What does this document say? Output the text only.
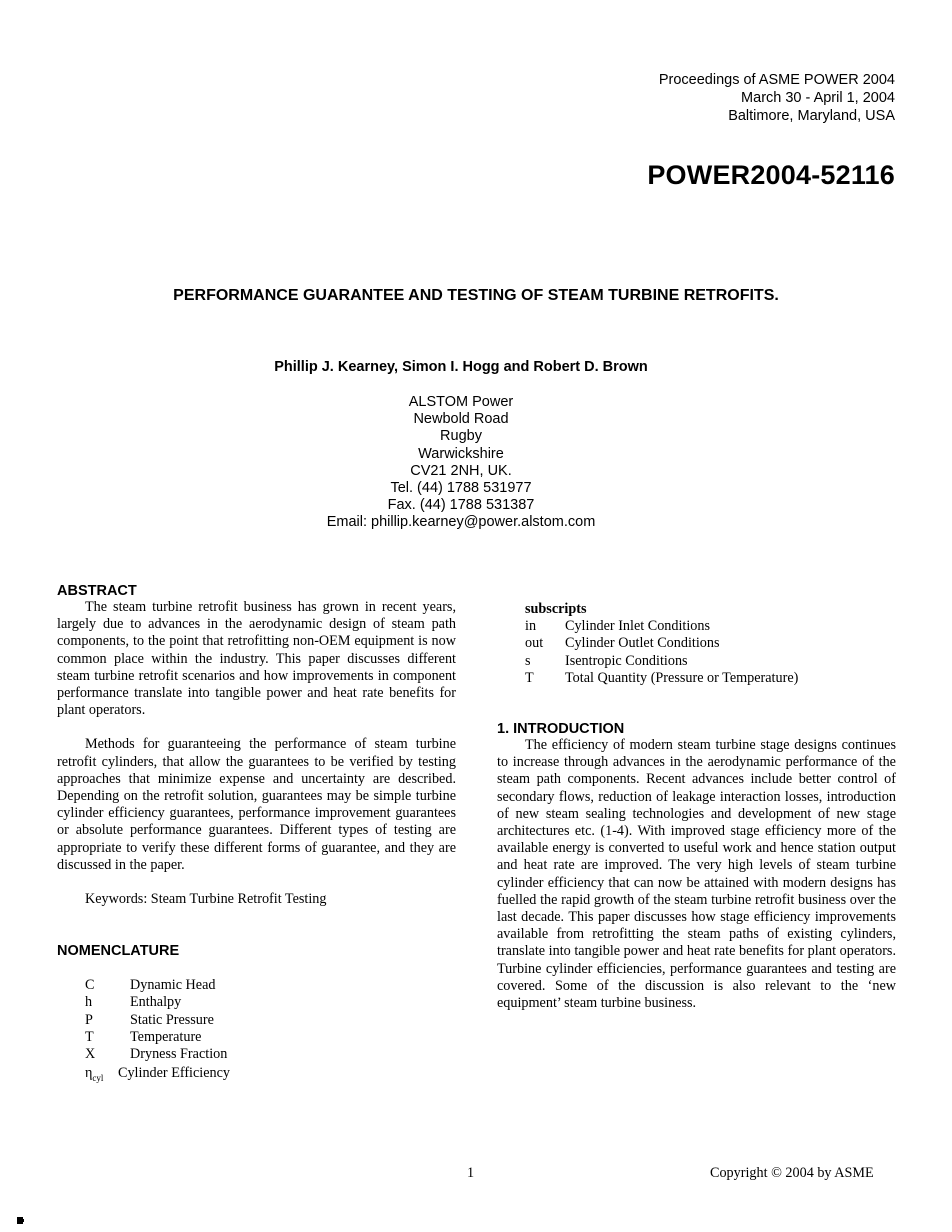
Proceedings of ASME POWER 2004
March 30 - April 1, 2004
Baltimore, Maryland, USA
POWER2004-52116
PERFORMANCE GUARANTEE AND TESTING OF STEAM TURBINE RETROFITS.
Phillip J. Kearney, Simon I. Hogg and Robert D. Brown
ALSTOM Power
Newbold Road
Rugby
Warwickshire
CV21 2NH, UK.
Tel. (44) 1788 531977
Fax. (44) 1788 531387
Email: phillip.kearney@power.alstom.com
ABSTRACT

The steam turbine retrofit business has grown in recent years, largely due to advances in the aerodynamic design of steam path components, to the point that retrofitting non-OEM equipment is now common place within the industry. This paper discusses different steam turbine retrofit scenarios and how improvements in component performance translate into tangible power and heat rate benefits for plant operators.

Methods for guaranteeing the performance of steam turbine retrofit cylinders, that allow the guarantees to be verified by testing approaches that minimize expense and uncertainty are described. Depending on the retrofit solution, guarantees may be simple turbine cylinder efficiency guarantees, performance improvement guarantees or absolute performance guarantees. Different types of testing are appropriate to verify these different forms of guarantee, and they are discussed in the paper.

Keywords: Steam Turbine Retrofit Testing

NOMENCLATURE
C	Dynamic Head
h	Enthalpy
P	Static Pressure
T	Temperature
X	Dryness Fraction
$\eta_{cyl}$	Cylinder Efficiency
subscripts
in	Cylinder Inlet Conditions
out	Cylinder Outlet Conditions
s	Isentropic Conditions
T	Total Quantity (Pressure or Temperature)
1. INTRODUCTION

The efficiency of modern steam turbine stage designs continues to increase through advances in the aerodynamic performance of the steam path components. Recent advances include better control of secondary flows, reduction of leakage interaction losses, introduction of new steam sealing technologies and development of new stage architectures etc. (1-4). With improved stage efficiency more of the available energy is converted to useful work and hence station output and heat rate are improved. The very high levels of steam turbine cylinder efficiency that can now be attained with modern designs has fuelled the rapid growth of the steam turbine retrofit business over the last decade. This paper discusses how stage efficiency improvements available from retrofitting the steam paths of existing cylinders, translate into tangible power and heat rate benefits for plant operators. Turbine cylinder efficiencies, performance guarantees and testing are covered. Some of the discussion is also relevant to the ‘new equipment’ steam turbine business.

1	Copyright © 2004 by ASME
